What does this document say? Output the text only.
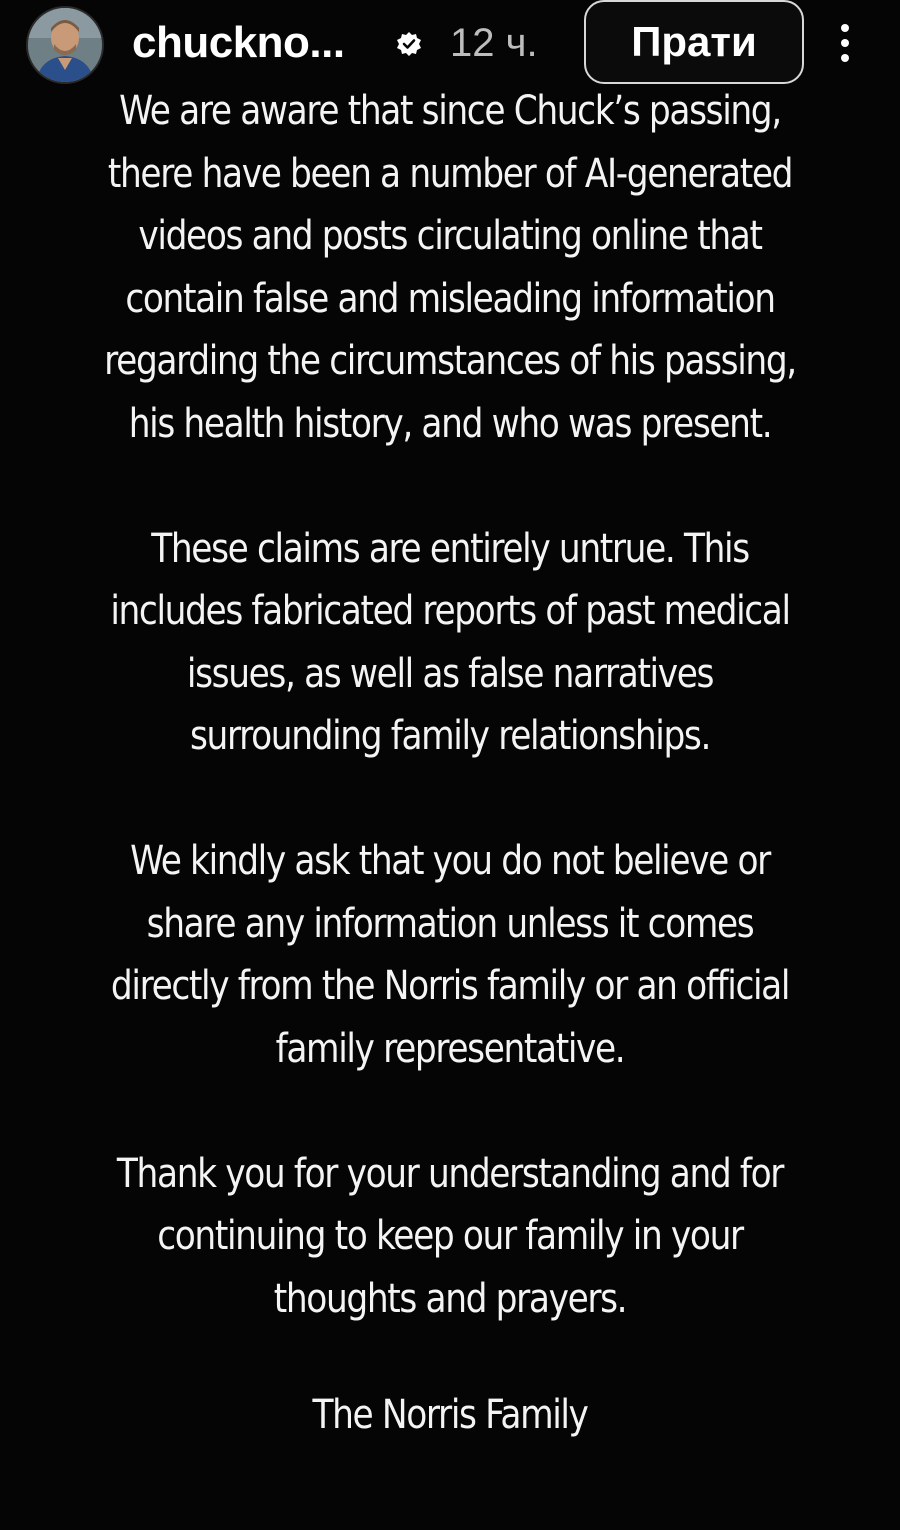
chuckno...	12 ч.	Прати

We are aware that since Chuck’s passing,
there have been a number of AI-generated
videos and posts circulating online that
contain false and misleading information
regarding the circumstances of his passing,
his health history, and who was present.

These claims are entirely untrue. This
includes fabricated reports of past medical
issues, as well as false narratives
surrounding family relationships.

We kindly ask that you do not believe or
share any information unless it comes
directly from the Norris family or an official
family representative.

Thank you for your understanding and for
continuing to keep our family in your
thoughts and prayers.

The Norris Family
